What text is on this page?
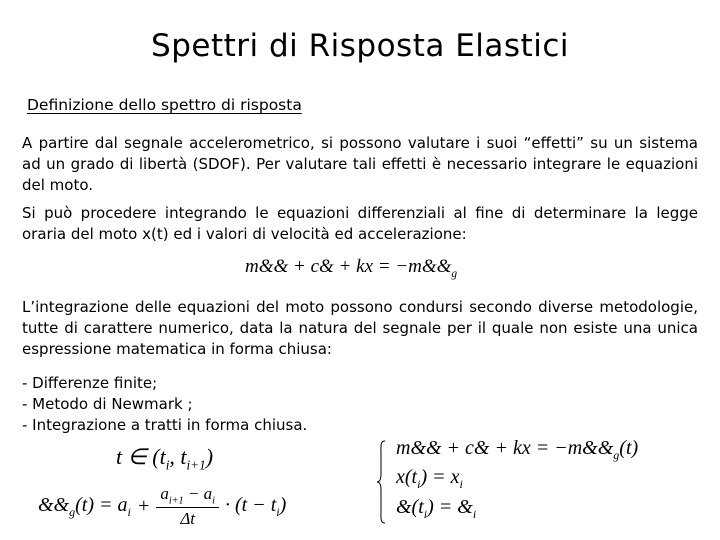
Spettri di Risposta Elastici
Definizione dello spettro di risposta
A partire dal segnale accelerometrico, si possono valutare i suoi “effetti” su un sistema ad un grado di libertà (SDOF). Per valutare tali effetti è necessario integrare le equazioni del moto.
Si può procedere integrando le equazioni differenziali al fine di determinare la legge oraria del moto x(t) ed i valori di velocità ed accelerazione:
m&& + c& + kx = $-m\&\&_g$
L’integrazione delle equazioni del moto possono condursi secondo diverse metodologie, tutte di carattere numerico, data la natura del segnale per il quale non esiste una unica espressione matematica in forma chiusa:
- Differenze finite;
- Metodo di Newmark ;
- Integrazione a tratti in forma chiusa.
t ∈ ($t_i$, $t_{i+1}$)
$\&\&_g(t) = a_i + \frac{a_{i+1} - a_i}{\Delta t} \cdot (t - t_i)$
m&& + c& + kx = $-m\&\&_g(t)$
$x(t_i) = x_i$
$\&(t_i)$ = $\&_i$
